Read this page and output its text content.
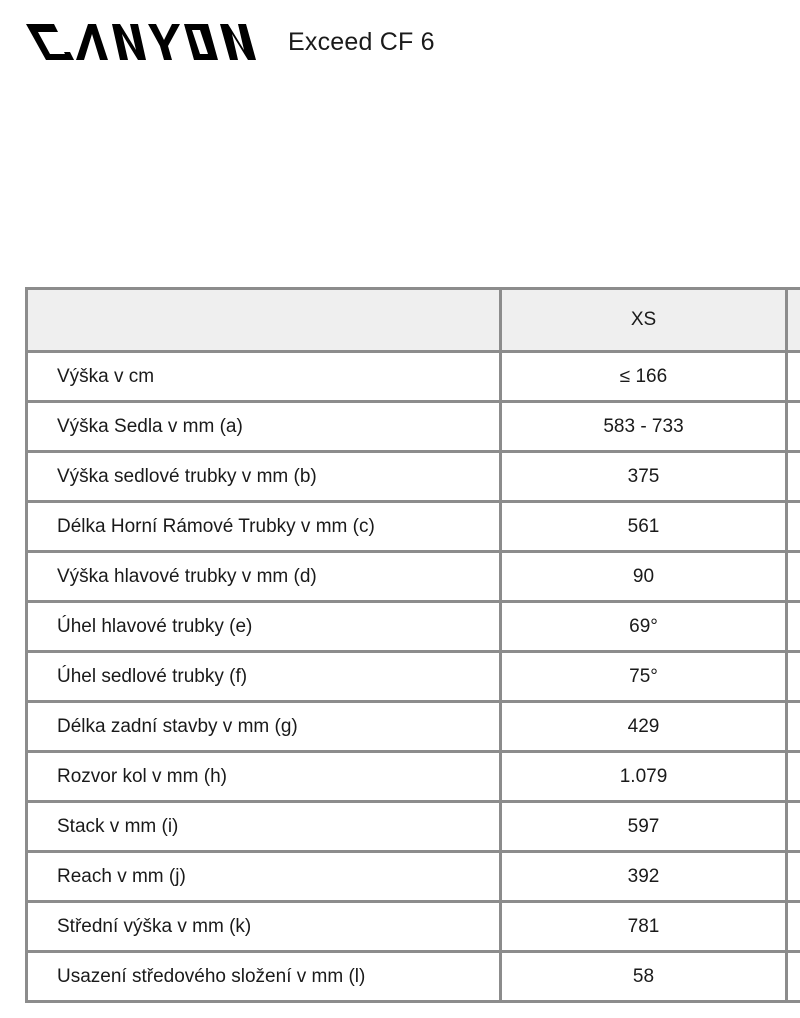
Exceed CF 6
	XS	
Výška v cm	≤ 166	
Výška Sedla v mm (a)	583 - 733	
Výška sedlové trubky v mm (b)	375	
Délka Horní Rámové Trubky v mm (c)	561	
Výška hlavové trubky v mm (d)	90	
Úhel hlavové trubky (e)	69°	
Úhel sedlové trubky (f)	75°	
Délka zadní stavby v mm (g)	429	
Rozvor kol v mm (h)	1.079	
Stack v mm (i)	597	
Reach v mm (j)	392	
Střední výška v mm (k)	781	
Usazení středového složení v mm (l)	58	
